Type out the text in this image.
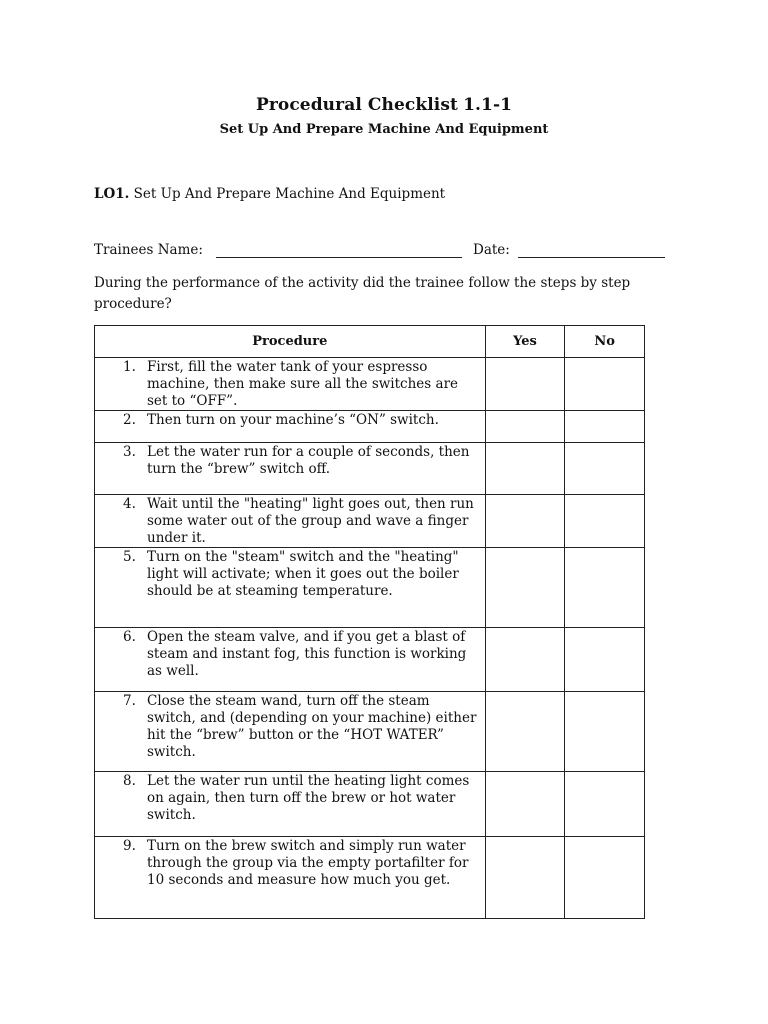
Procedural Checklist 1.1-1
Set Up And Prepare Machine And Equipment
LO1. Set Up And Prepare Machine And Equipment
Trainees Name:	Date:
During the performance of the activity did the trainee follow the steps by step procedure?
Procedure	Yes	No

1. First, fill the water tank of your espresso machine, then make sure all the switches are set to “OFF”.		

2. Then turn on your machine’s “ON” switch.		

3. Let the water run for a couple of seconds, then turn the “brew” switch off.		

4. Wait until the "heating" light goes out, then run some water out of the group and wave a finger under it.		

5. Turn on the "steam" switch and the "heating" light will activate; when it goes out the boiler should be at steaming temperature.		

6. Open the steam valve, and if you get a blast of steam and instant fog, this function is working as well.		

7. Close the steam wand, turn off the steam switch, and (depending on your machine) either hit the “brew” button or the “HOT WATER” switch.		

8. Let the water run until the heating light comes on again, then turn off the brew or hot water switch.		

9. Turn on the brew switch and simply run water through the group via the empty portafilter for 10 seconds and measure how much you get.		
